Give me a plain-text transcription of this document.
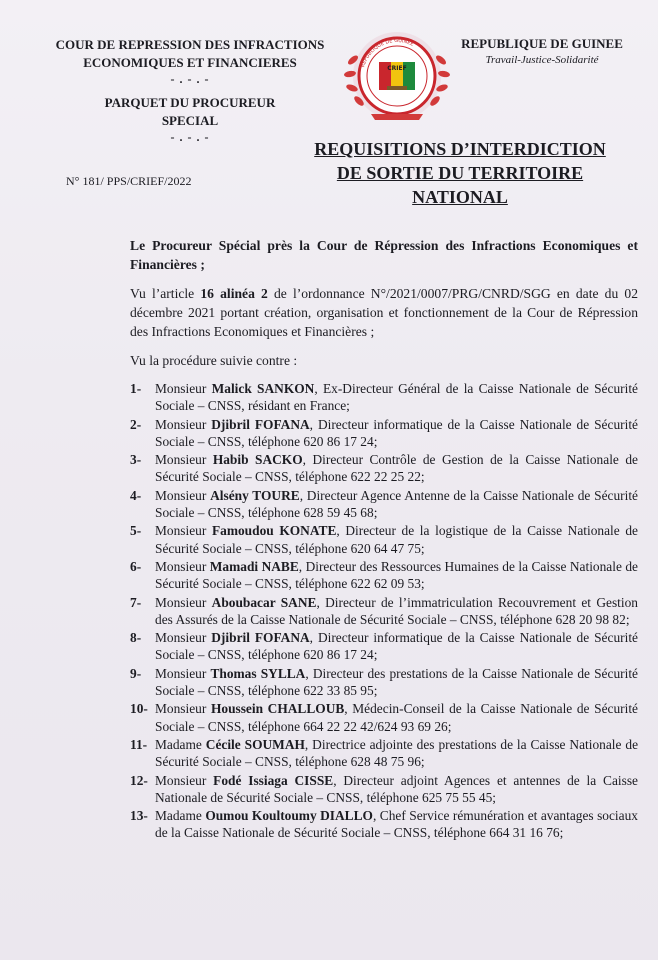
COUR DE REPRESSION DES INFRACTIONS
ECONOMIQUES ET FINANCIERES
- . - . -
PARQUET DU PROCUREUR
SPECIAL
- . - . -
REPUBLIQUE DE GUINEE
CRIEF
REPUBLIQUE DE GUINEE
Travail-Justice-Solidarité
N° 181/ PPS/CRIEF/2022
REQUISITIONS D’INTERDICTION
DE SORTIE DU TERRITOIRE
NATIONAL

Le Procureur Spécial près la Cour de Répression des Infractions Economiques et Financières ;

Vu l’article 16 alinéa 2 de l’ordonnance N°/2021/0007/PRG/CNRD/SGG en date du 02 décembre 2021 portant création, organisation et fonctionnement de la Cour de Répression des Infractions Economiques et Financières ;

Vu la procédure suivie contre :

1- Monsieur Malick SANKON, Ex-Directeur Général de la Caisse Nationale de Sécurité Sociale – CNSS, résidant en France;
2- Monsieur Djibril FOFANA, Directeur informatique de la Caisse Nationale de Sécurité Sociale – CNSS, téléphone 620 86 17 24;
3- Monsieur Habib SACKO, Directeur Contrôle de Gestion de la Caisse Nationale de Sécurité Sociale – CNSS, téléphone 622 22 25 22;
4- Monsieur Alsény TOURE, Directeur Agence Antenne de la Caisse Nationale de Sécurité Sociale – CNSS, téléphone 628 59 45 68;
5- Monsieur Famoudou KONATE, Directeur de la logistique de la Caisse Nationale de Sécurité Sociale – CNSS, téléphone 620 64 47 75;
6- Monsieur Mamadi NABE, Directeur des Ressources Humaines de la Caisse Nationale de Sécurité Sociale – CNSS, téléphone 622 62 09 53;
7- Monsieur Aboubacar SANE, Directeur de l’immatriculation Recouvrement et Gestion des Assurés de la Caisse Nationale de Sécurité Sociale – CNSS, téléphone 628 20 98 82;
8- Monsieur Djibril FOFANA, Directeur informatique de la Caisse Nationale de Sécurité Sociale – CNSS, téléphone 620 86 17 24;
9- Monsieur Thomas SYLLA, Directeur des prestations de la Caisse Nationale de Sécurité Sociale – CNSS, téléphone 622 33 85 95;
10- Monsieur Houssein CHALLOUB, Médecin-Conseil de la Caisse Nationale de Sécurité Sociale – CNSS, téléphone 664 22 22 42/624 93 69 26;
11- Madame Cécile SOUMAH, Directrice adjointe des prestations de la Caisse Nationale de Sécurité Sociale – CNSS, téléphone 628 48 75 96;
12- Monsieur Fodé Issiaga CISSE, Directeur adjoint Agences et antennes de la Caisse Nationale de Sécurité Sociale – CNSS, téléphone 625 75 55 45;
13- Madame Oumou Koultoumy DIALLO, Chef Service rémunération et avantages sociaux de la Caisse Nationale de Sécurité Sociale – CNSS, téléphone 664 31 16 76;
